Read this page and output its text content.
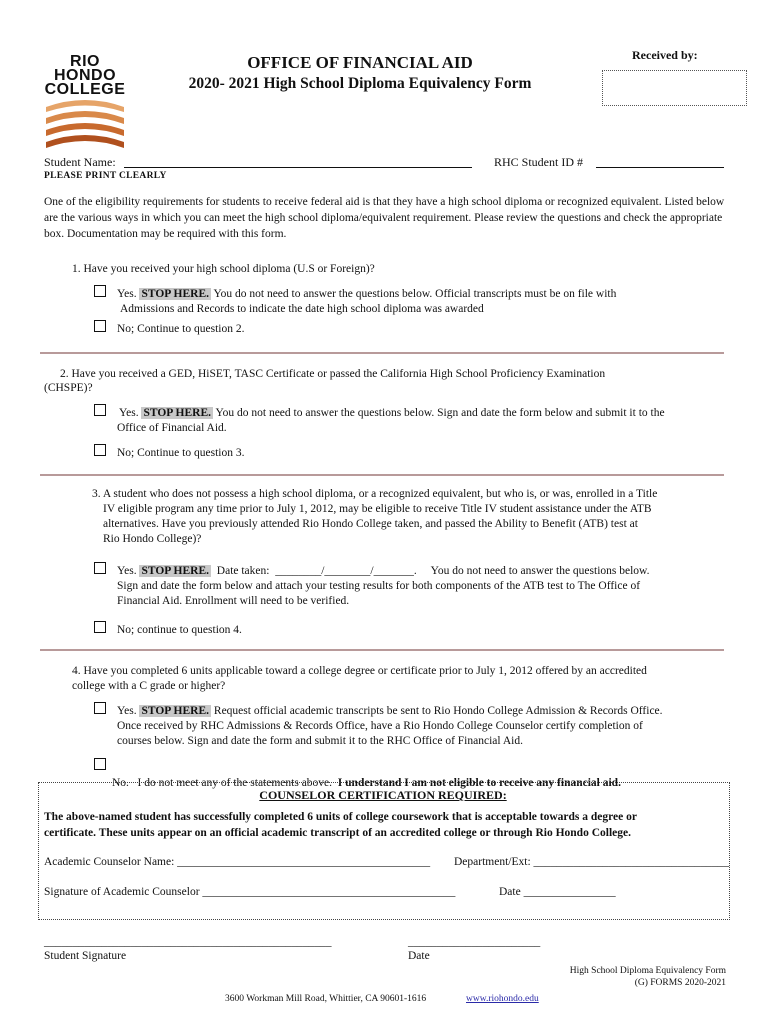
RIO
HONDO
COLLEGE
OFFICE OF FINANCIAL AID
2020- 2021 High School Diploma Equivalency Form
Received by:
Student Name:	RHC Student ID #
PLEASE PRINT CLEARLY
One of the eligibility requirements for students to receive federal aid is that they have a high school diploma or recognized equivalent. Listed below are the various ways in which you can meet the high school diploma/equivalent requirement. Please review the questions and check the appropriate box. Documentation may be required with this form.
1. Have you received your high school diploma (U.S or Foreign)?
Yes. STOP HERE. You do not need to answer the questions below. Official transcripts must be on file with
Admissions and Records to indicate the date high school diploma was awarded
No; Continue to question 2.
2. Have you received a GED, HiSET, TASC Certificate or passed the California High School Proficiency Examination
(CHSPE)?
Yes. STOP HERE. You do not need to answer the questions below. Sign and date the form below and submit it to the
Office of Financial Aid.
No; Continue to question 3.
3. A student who does not possess a high school diploma, or a recognized equivalent, but who is, or was, enrolled in a Title
IV eligible program any time prior to July 1, 2012, may be eligible to receive Title IV student assistance under the ATB
alternatives. Have you previously attended Rio Hondo College taken, and passed the Ability to Benefit (ATB) test at
Rio Hondo College)?
Yes. STOP HERE.  Date taken:  ________/________/_______.     You do not need to answer the questions below.
Sign and date the form below and attach your testing results for both components of the ATB test to The Office of
Financial Aid. Enrollment will need to be verified.
No; continue to question 4.
4. Have you completed 6 units applicable toward a college degree or certificate prior to July 1, 2012 offered by an accredited
college with a C grade or higher?
Yes. STOP HERE. Request official academic transcripts be sent to Rio Hondo College Admission & Records Office.
Once received by RHC Admissions & Records Office, have a Rio Hondo College Counselor certify completion of
courses below. Sign and date the form and submit it to the RHC Office of Financial Aid.

No.   I do not meet any of the statements above.  I understand I am not eligible to receive any financial aid.
COUNSELOR CERTIFICATION REQUIRED:
The above-named student has successfully completed 6 units of college coursework that is acceptable towards a degree or
certificate. These units appear on an official academic transcript of an accredited college or through Rio Hondo College.
Academic Counselor Name: ____________________________________________ Department/Ext: __________________________________
Signature of Academic Counselor ____________________________________________	Date ________________
__________________________________________________	_______________________
Student Signature	Date
High School Diploma Equivalency Form
(G) FORMS 2020-2021
3600 Workman Mill Road, Whittier, CA 90601-1616	www.riohondo.edu
